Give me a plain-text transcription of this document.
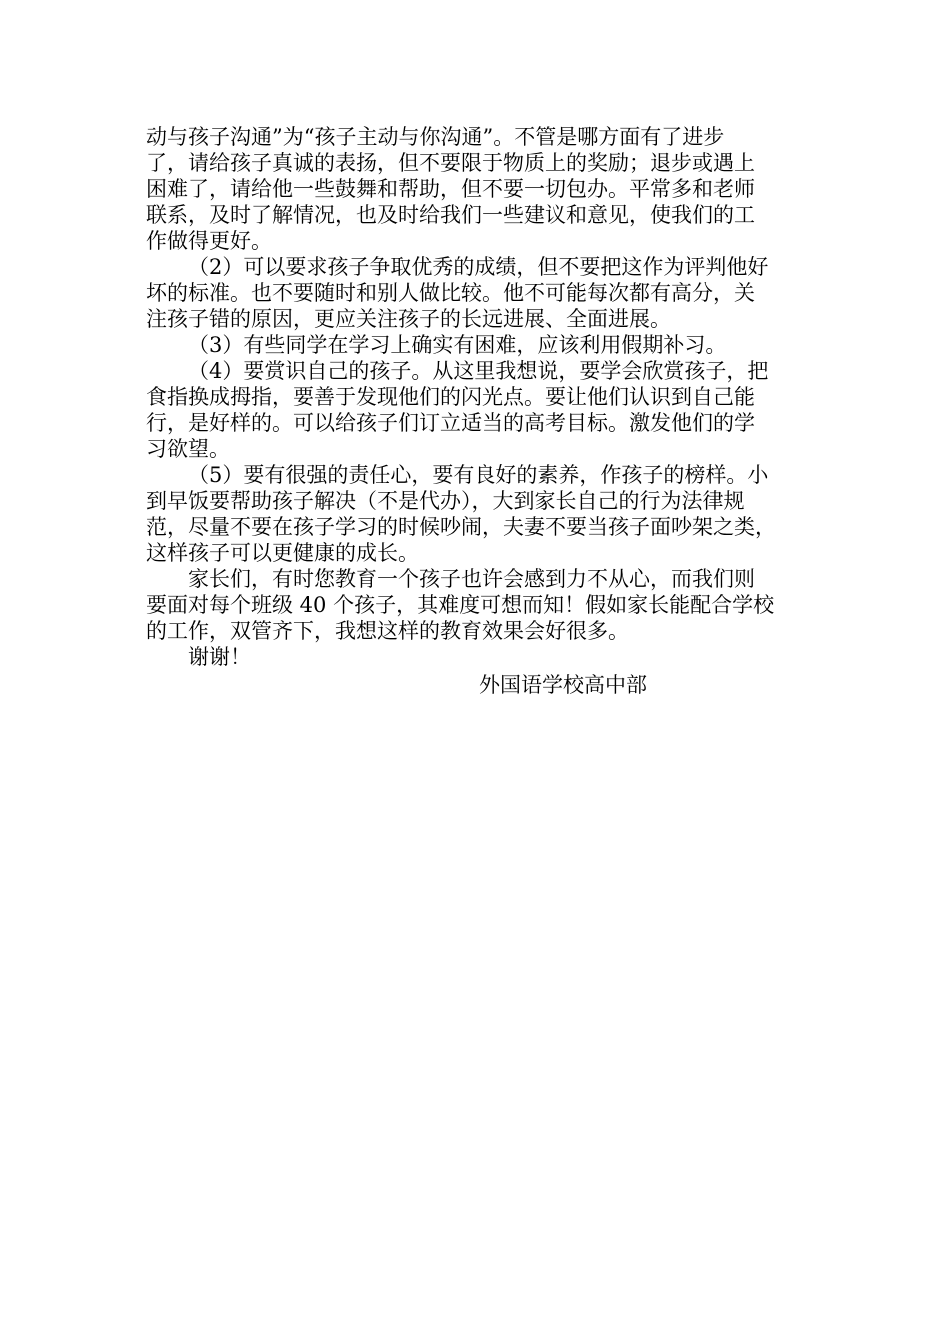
动与孩子沟通”为“孩子主动与你沟通”。不管是哪方面有了进步
了，请给孩子真诚的表扬，但不要限于物质上的奖励；退步或遇上
困难了，请给他一些鼓舞和帮助，但不要一切包办。平常多和老师
联系，及时了解情况，也及时给我们一些建议和意见，使我们的工
作做得更好。
（2）可以要求孩子争取优秀的成绩，但不要把这作为评判他好
坏的标准。也不要随时和别人做比较。他不可能每次都有高分，关
注孩子错的原因，更应关注孩子的长远进展、全面进展。
（3）有些同学在学习上确实有困难，应该利用假期补习。
（4）要赏识自己的孩子。从这里我想说，要学会欣赏孩子，把
食指换成拇指，要善于发现他们的闪光点。要让他们认识到自己能
行，是好样的。可以给孩子们订立适当的高考目标。激发他们的学
习欲望。
（5）要有很强的责任心，要有良好的素养，作孩子的榜样。小
到早饭要帮助孩子解决（不是代办），大到家长自己的行为法律规
范，尽量不要在孩子学习的时候吵闹，夫妻不要当孩子面吵架之类，
这样孩子可以更健康的成长。
家长们，有时您教育一个孩子也许会感到力不从心，而我们则
要面对每个班级 40 个孩子，其难度可想而知！假如家长能配合学校
的工作，双管齐下，我想这样的教育效果会好很多。
谢谢！
外国语学校高中部
